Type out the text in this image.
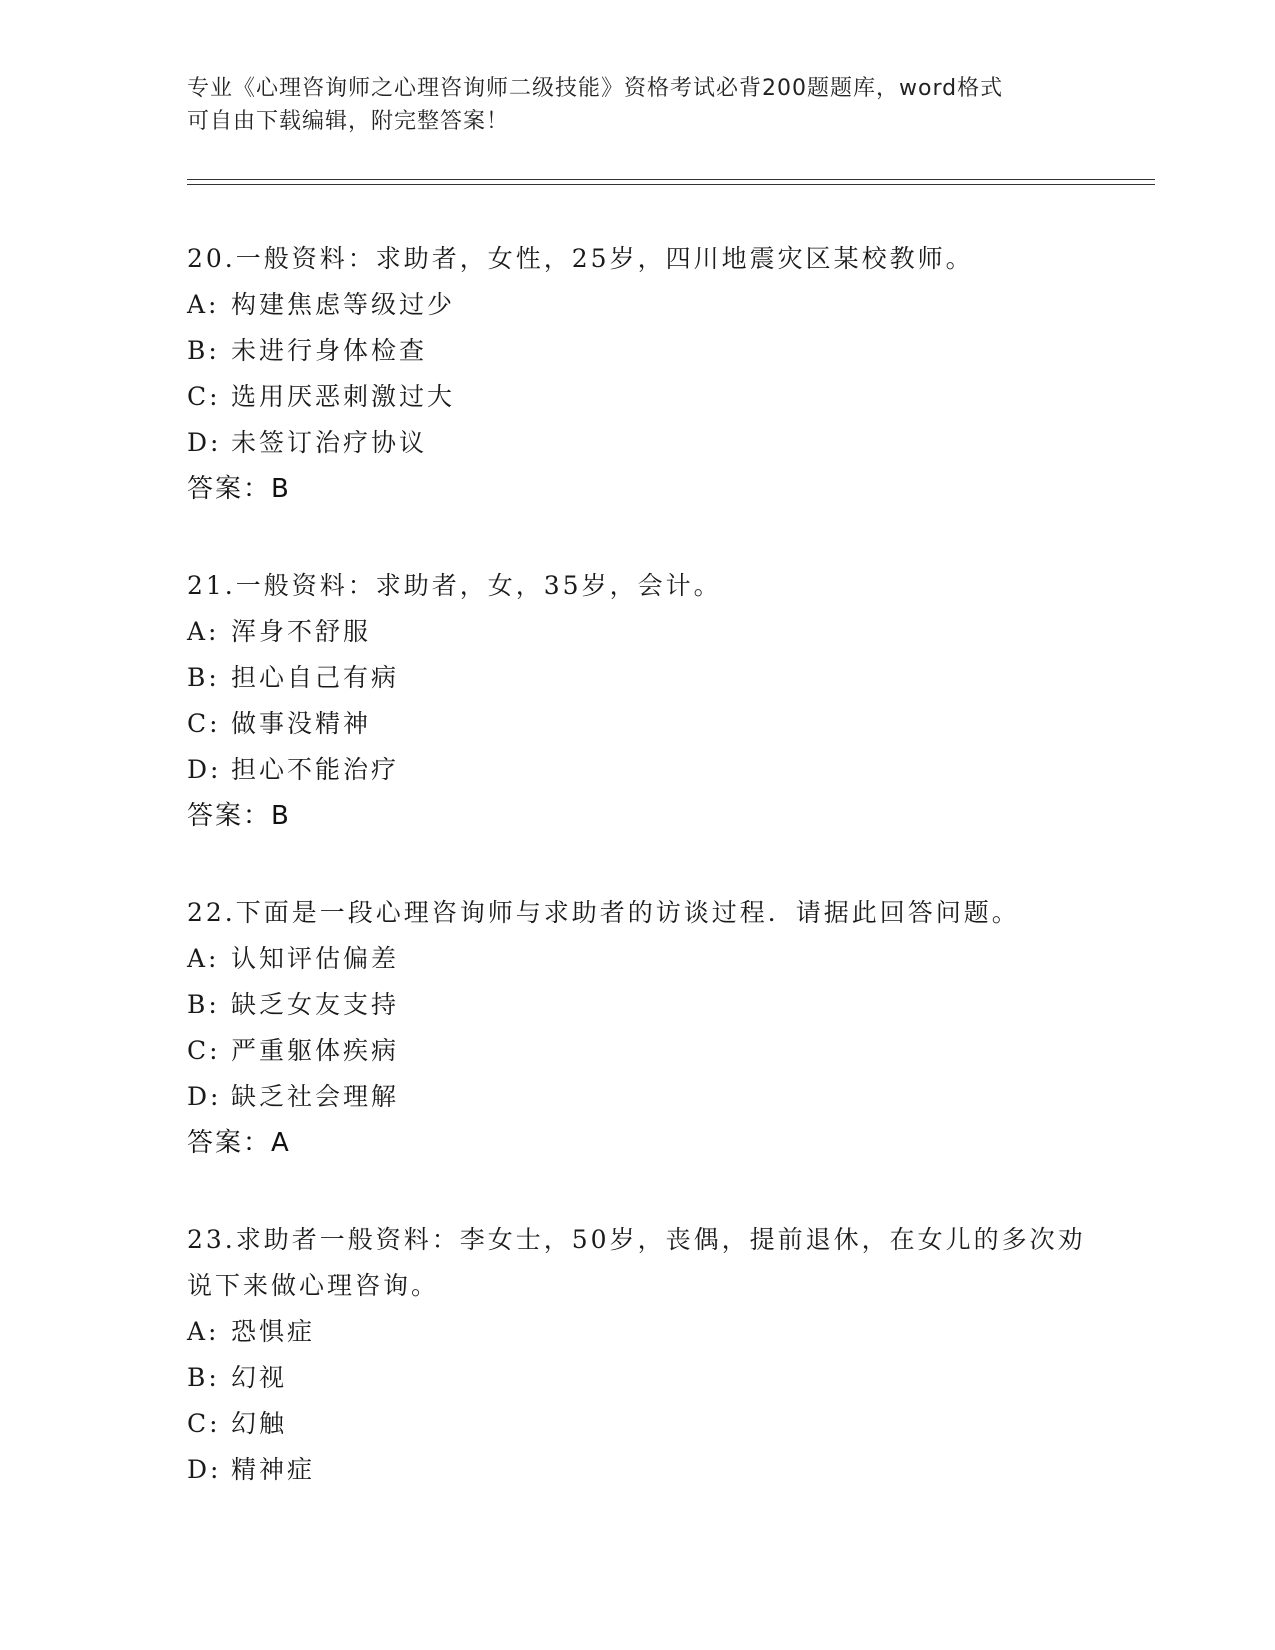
专业《心理咨询师之心理咨询师二级技能》资格考试必背200题题库，word格式
可自由下载编辑，附完整答案！
20.一般资料：求助者，女性，25岁，四川地震灾区某校教师。
A: 构建焦虑等级过少
B: 未进行身体检查
C: 选用厌恶刺激过大
D: 未签订治疗协议
答案：B
21.一般资料：求助者，女，35岁，会计。
A: 浑身不舒服
B: 担心自己有病
C: 做事没精神
D: 担心不能治疗
答案：B
22.下面是一段心理咨询师与求助者的访谈过程．请据此回答问题。
A: 认知评估偏差
B: 缺乏女友支持
C: 严重躯体疾病
D: 缺乏社会理解
答案：A
23.求助者一般资料：李女士，50岁，丧偶，提前退休，在女儿的多次劝说下来做心理咨询。
A: 恐惧症
B: 幻视
C: 幻触
D: 精神症
